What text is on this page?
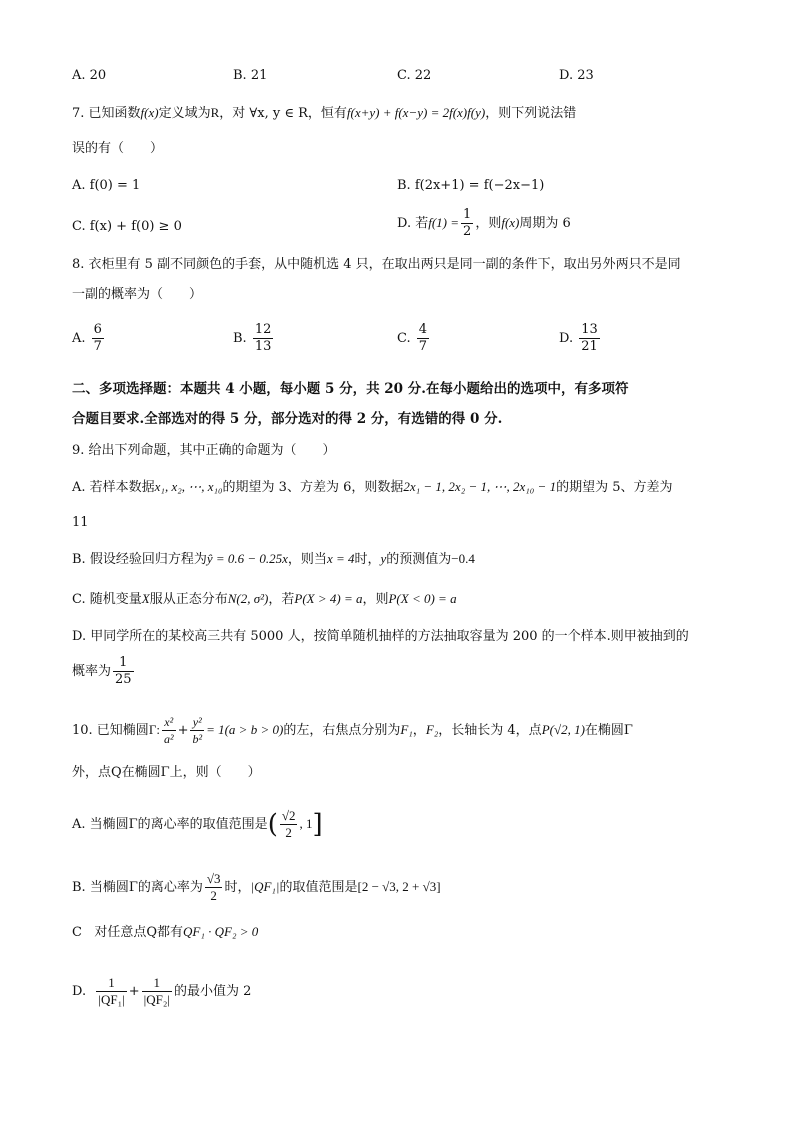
A. 20	B. 21	C. 22	D. 23
7. 已知函数f(x)定义域为R，对 ∀x, y ∈ R，恒有f(x+y) + f(x−y) = 2f(x)f(y)，则下列说法错
误的有（　　）
A. f(0) = 1	B. f(2x+1) = f(−2x−1)
C. f(x) + f(0) ≥ 0	D. 若$f(1) = \frac{1}{2}$ ，则f(x)周期为 6
8. 衣柜里有 5 副不同颜色的手套，从中随机选 4 只，在取出两只是同一副的条件下，取出另外两只不是同
一副的概率为（　　）
A. $\frac{6}{7}$	B. $\frac{12}{13}$	C. $\frac{4}{7}$	D. $\frac{13}{21}$
二、多项选择题：本题共 4 小题，每小题 5 分，共 20 分.在每小题给出的选项中，有多项符
合题目要求.全部选对的得 5 分，部分选对的得 2 分，有选错的得 0 分.
9. 给出下列命题，其中正确的命题为（　　）
A. 若样本数据x₁, x₂, ⋯, x₁₀的期望为 3、方差为 6，则数据2x₁ − 1, 2x₂ − 1, ⋯, 2x₁₀ − 1的期望为 5、方差为
11
B. 假设经验回归方程为ŷ = 0.6 − 0.25x，则当x = 4时，y的预测值为−0.4
C. 随机变量X服从正态分布N(2, σ²)，若P(X > 4) = a，则P(X < 0) = a
D. 甲同学所在的某校高三共有 5000 人，按简单随机抽样的方法抽取容量为 200 的一个样本.则甲被抽到的
概率为 $\frac{1}{25}$
10. 已知椭圆Γ: $\frac{\text{x²}}{\text{a²}} + \frac{\text{y²}}{\text{b²}} = 1(a > b > 0)$的左，右焦点分别为F₁，F₂，长轴长为 4，点P(√2, 1)在椭圆Γ
外，点Q在椭圆Γ上，则（　　）
A. 当椭圆Γ的离心率的取值范围是( $\frac{√2}{2}$ , 1]
B. 当椭圆Γ的离心率为 $\frac{√3}{2}$ 时，|QF₁|的取值范围是[2 − √3, 2 + √3]
C 对任意点Q都有QF₁ · QF₂ > 0
D. $\frac{1}{\text{|QF₁|}} + \frac{1}{\text{|QF₂|}}$ 的最小值为 2
